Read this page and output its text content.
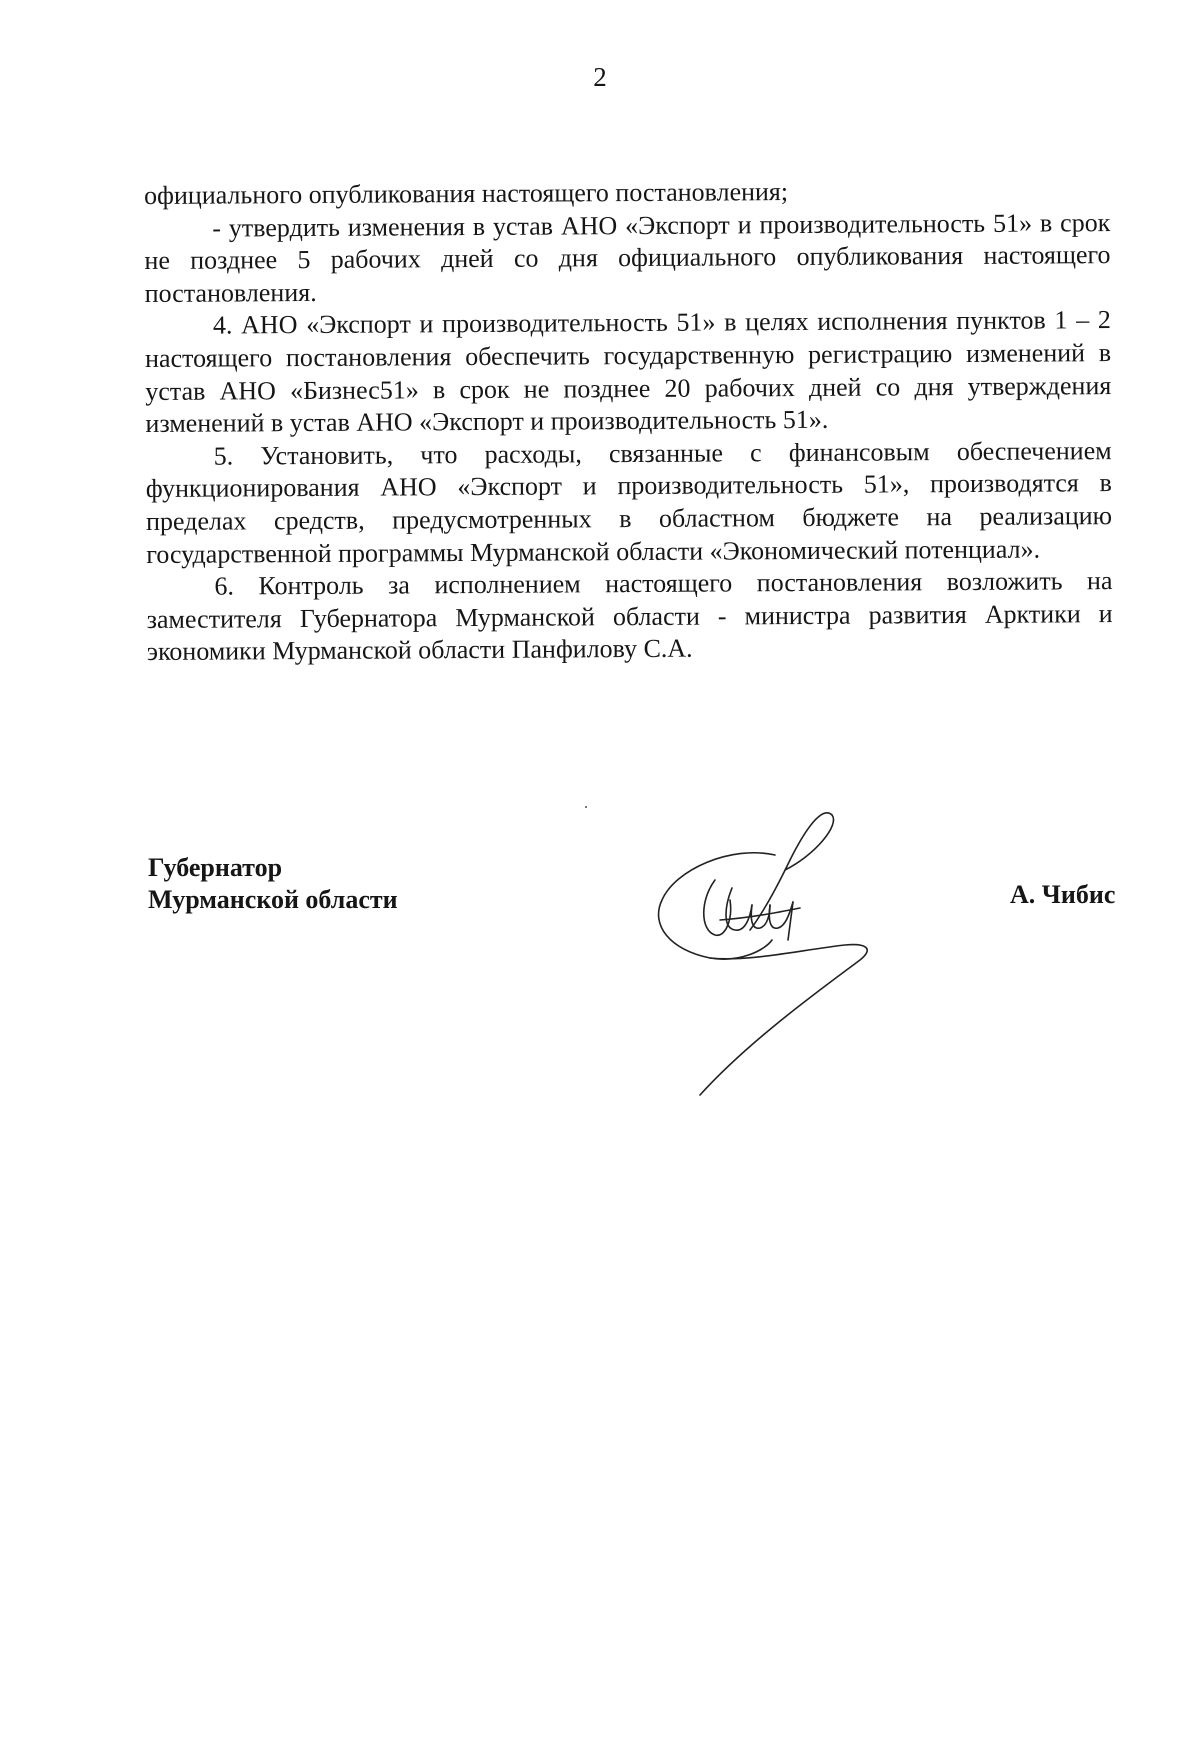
2

официального опубликования настоящего постановления;

- утвердить изменения в устав АНО «Экспорт и производительность 51» в срок не позднее 5 рабочих дней со дня официального опубликования настоящего постановления.

4. АНО «Экспорт и производительность 51» в целях исполнения пунктов 1 – 2 настоящего постановления обеспечить государственную регистрацию изменений в устав АНО «Бизнес51» в срок не позднее 20 рабочих дней со дня утверждения изменений в устав АНО «Экспорт и производительность 51».

5. Установить, что расходы, связанные с финансовым обеспечением функционирования АНО «Экспорт и производительность 51», производятся в пределах средств, предусмотренных в областном бюджете на реализацию государственной программы Мурманской области «Экономический потенциал».

6. Контроль за исполнением настоящего постановления возложить на заместителя Губернатора Мурманской области - министра развития Арктики и экономики Мурманской области Панфилову С.А.

Губернатор
Мурманской области	А. Чибис
